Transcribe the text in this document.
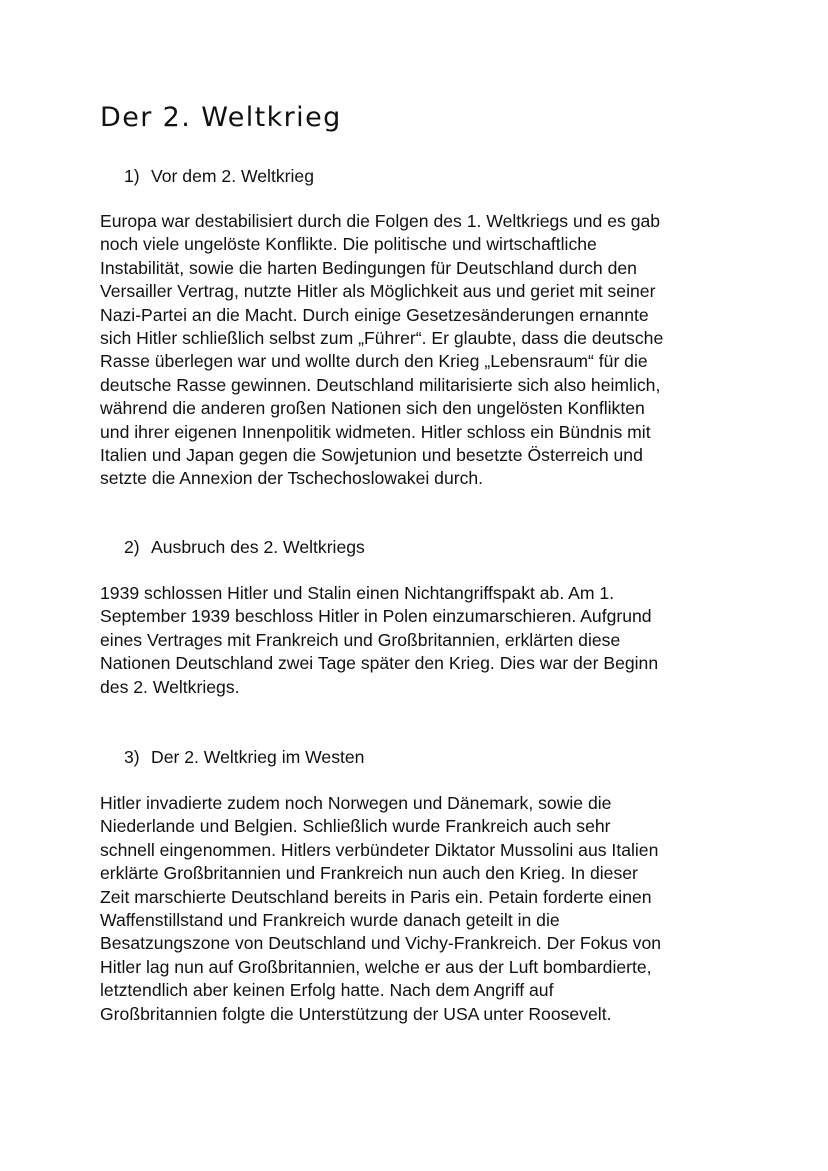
Der 2. Weltkrieg
1) Vor dem 2. Weltkrieg

Europa war destabilisiert durch die Folgen des 1. Weltkriegs und es gab
noch viele ungelöste Konflikte. Die politische und wirtschaftliche
Instabilität, sowie die harten Bedingungen für Deutschland durch den
Versailler Vertrag, nutzte Hitler als Möglichkeit aus und geriet mit seiner
Nazi-Partei an die Macht. Durch einige Gesetzesänderungen ernannte
sich Hitler schließlich selbst zum „Führer“. Er glaubte, dass die deutsche
Rasse überlegen war und wollte durch den Krieg „Lebensraum“ für die
deutsche Rasse gewinnen. Deutschland militarisierte sich also heimlich,
während die anderen großen Nationen sich den ungelösten Konflikten
und ihrer eigenen Innenpolitik widmeten. Hitler schloss ein Bündnis mit
Italien und Japan gegen die Sowjetunion und besetzte Österreich und
setzte die Annexion der Tschechoslowakei durch.

2) Ausbruch des 2. Weltkriegs

1939 schlossen Hitler und Stalin einen Nichtangriffspakt ab. Am 1.
September 1939 beschloss Hitler in Polen einzumarschieren. Aufgrund
eines Vertrages mit Frankreich und Großbritannien, erklärten diese
Nationen Deutschland zwei Tage später den Krieg. Dies war der Beginn
des 2. Weltkriegs.

3) Der 2. Weltkrieg im Westen

Hitler invadierte zudem noch Norwegen und Dänemark, sowie die
Niederlande und Belgien. Schließlich wurde Frankreich auch sehr
schnell eingenommen. Hitlers verbündeter Diktator Mussolini aus Italien
erklärte Großbritannien und Frankreich nun auch den Krieg. In dieser
Zeit marschierte Deutschland bereits in Paris ein. Petain forderte einen
Waffenstillstand und Frankreich wurde danach geteilt in die
Besatzungszone von Deutschland und Vichy-Frankreich. Der Fokus von
Hitler lag nun auf Großbritannien, welche er aus der Luft bombardierte,
letztendlich aber keinen Erfolg hatte. Nach dem Angriff auf
Großbritannien folgte die Unterstützung der USA unter Roosevelt.
